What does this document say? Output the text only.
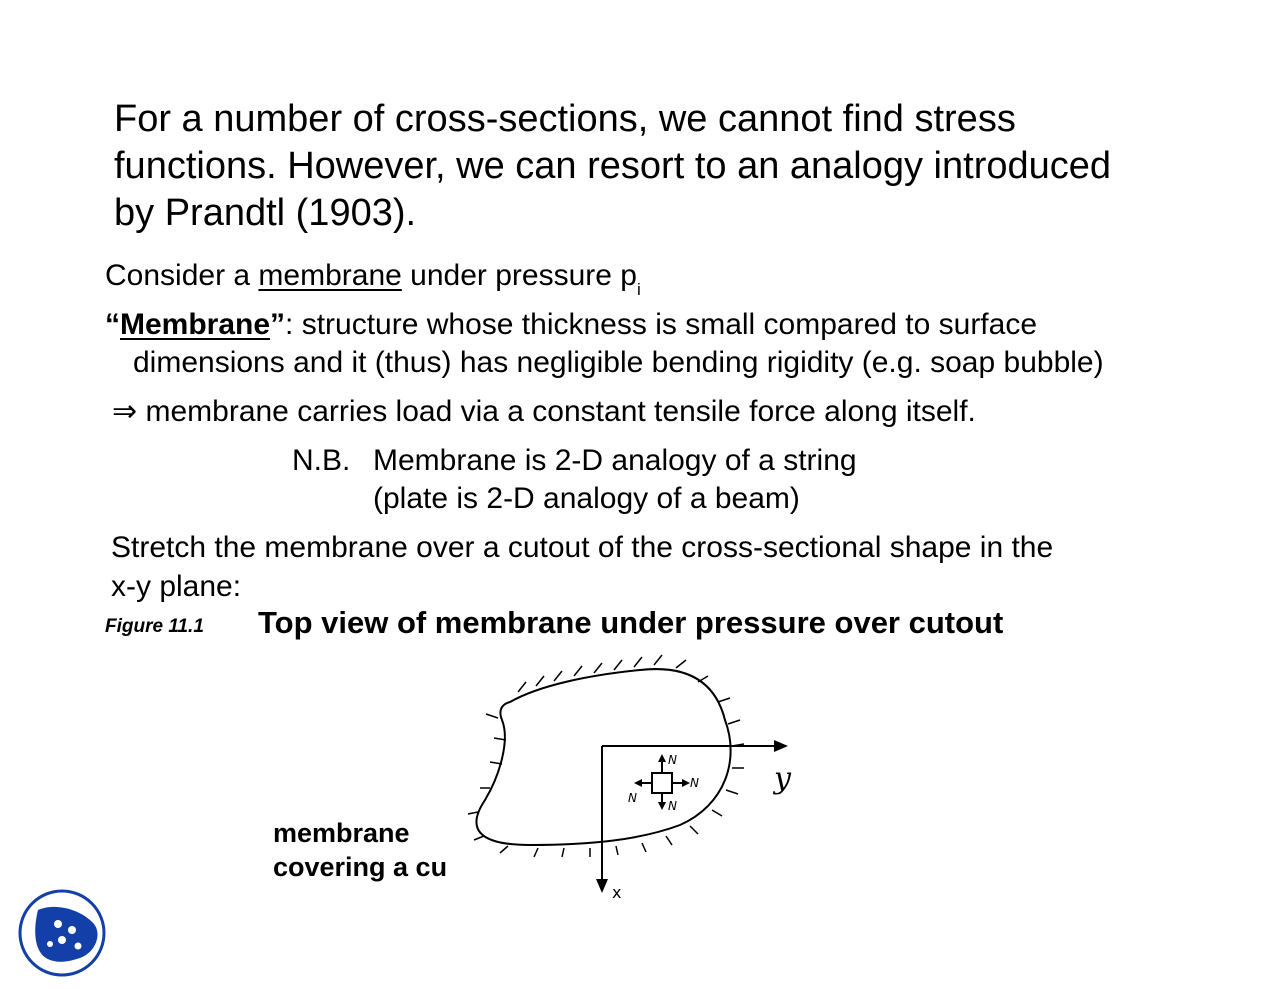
For a number of cross-sections, we cannot find stress
functions. However, we can resort to an analogy introduced
by Prandtl (1903).
Consider a membrane under pressure $p_i$
“Membrane”: structure whose thickness is small compared to surface
dimensions and it (thus) has negligible bending rigidity (e.g. soap bubble)
⇒ membrane carries load via a constant tensile force along itself.
N.B. Membrane is 2-D analogy of a string
(plate is 2-D analogy of a beam)
Stretch the membrane over a cutout of the cross-sectional shape in the
x-y plane:
Figure 11.1 Top view of membrane under pressure over cutout
membrane
covering a cu
y
x
N
N
N
N
